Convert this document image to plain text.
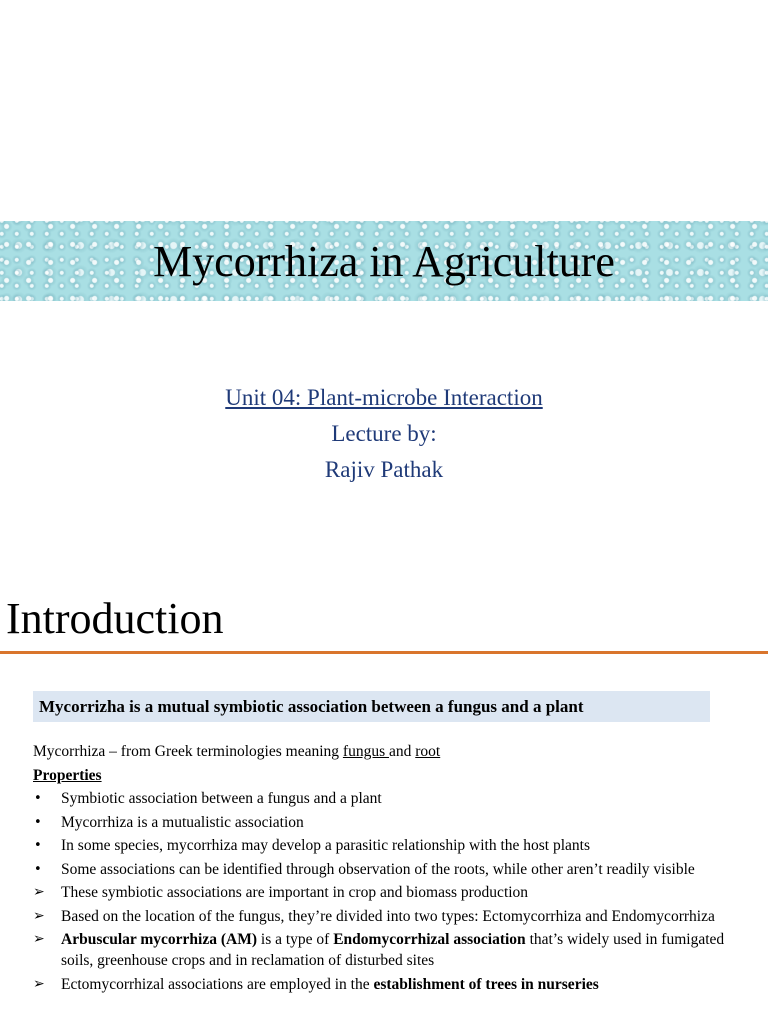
Mycorrhiza in Agriculture
Unit 04: Plant-microbe Interaction
Lecture by:
Rajiv Pathak
Introduction
Mycorrizha is a mutual symbiotic association between a fungus and a plant
Mycorrhiza – from Greek terminologies meaning fungus and root
Properties
•	Symbiotic association between a fungus and a plant
•	Mycorrhiza is a mutualistic association
•	In some species, mycorrhiza may develop a parasitic relationship with the host plants
•	Some associations can be identified through observation of the roots, while other aren’t readily visible
➢	These symbiotic associations are important in crop and biomass production
➢	Based on the location of the fungus, they’re divided into two types: Ectomycorrhiza and Endomycorrhiza
➢	Arbuscular mycorrhiza (AM) is a type of Endomycorrhizal association that’s widely used in fumigated soils, greenhouse crops and in reclamation of disturbed sites
➢	Ectomycorrhizal associations are employed in the establishment of trees in nurseries
